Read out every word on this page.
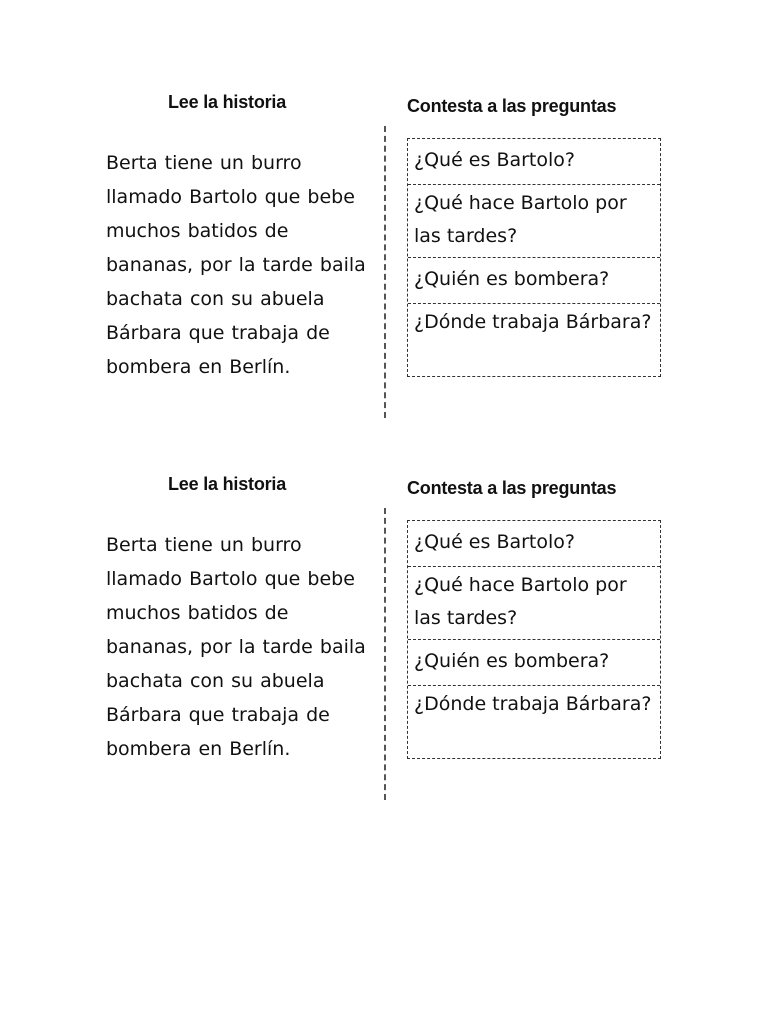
Lee la historia

Berta tiene un burro llamado Bartolo que bebe muchos batidos de bananas, por la tarde baila bachata con su abuela Bárbara que trabaja de bombera en Berlín.

Contesta a las preguntas
¿Qué es Bartolo?
¿Qué hace Bartolo por las tardes?
¿Quién es bombera?
¿Dónde trabaja Bárbara?
Lee la historia

Berta tiene un burro llamado Bartolo que bebe muchos batidos de bananas, por la tarde baila bachata con su abuela Bárbara que trabaja de bombera en Berlín.

Contesta a las preguntas
¿Qué es Bartolo?
¿Qué hace Bartolo por las tardes?
¿Quién es bombera?
¿Dónde trabaja Bárbara?
